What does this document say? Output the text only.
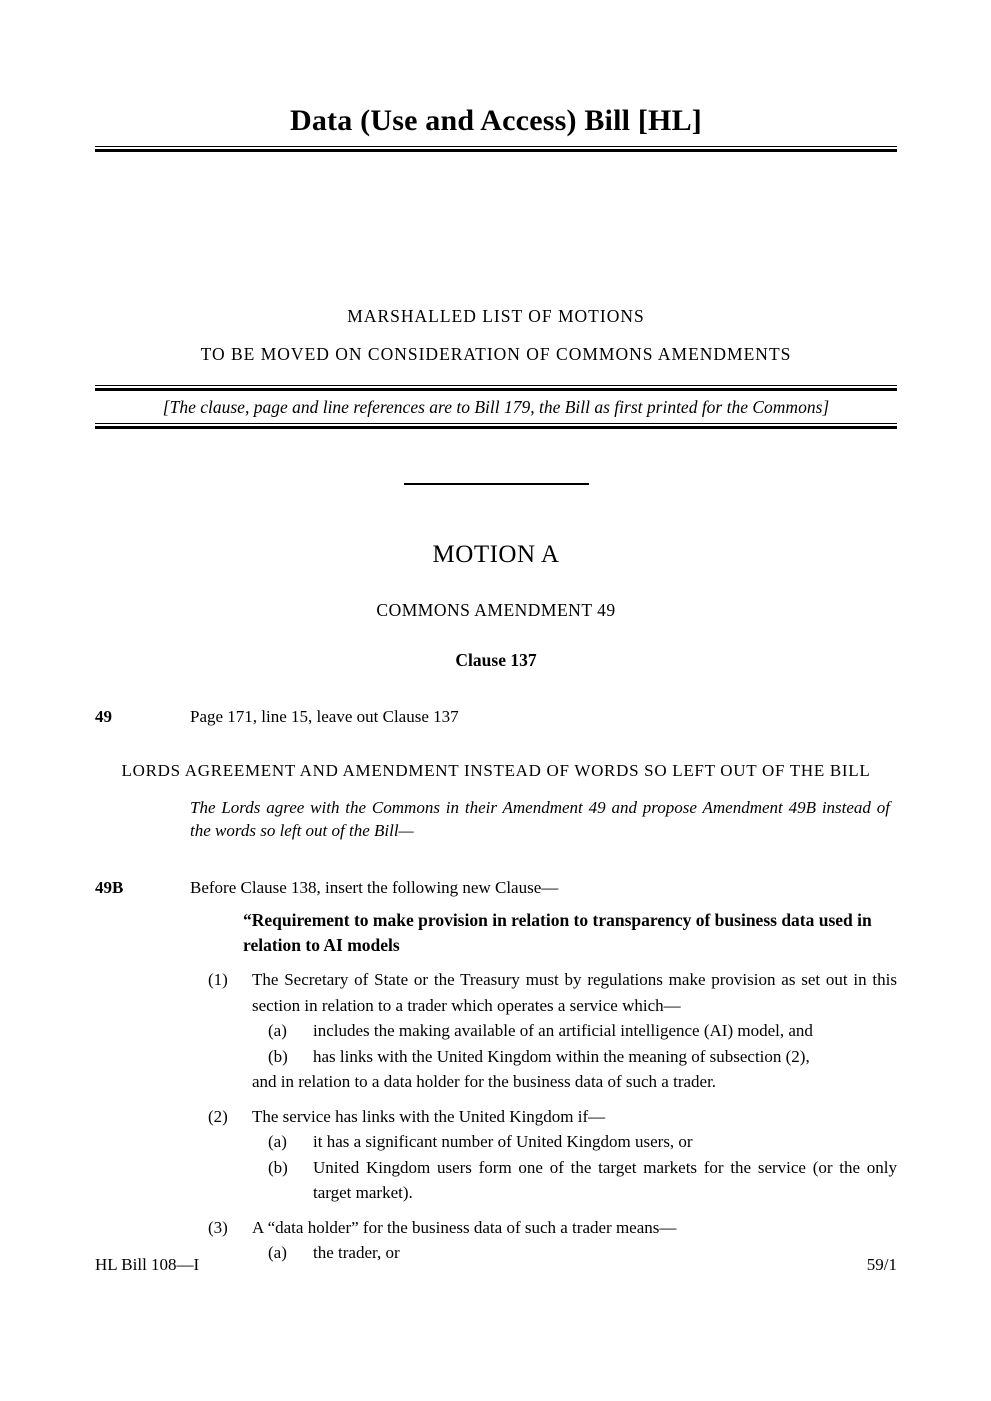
Data (Use and Access) Bill [HL]
MARSHALLED LIST OF MOTIONS
TO BE MOVED ON CONSIDERATION OF COMMONS AMENDMENTS
[The clause, page and line references are to Bill 179, the Bill as first printed for the Commons]
MOTION A
COMMONS AMENDMENT 49
Clause 137
49	Page 171, line 15, leave out Clause 137
LORDS AGREEMENT AND AMENDMENT INSTEAD OF WORDS SO LEFT OUT OF THE BILL
The Lords agree with the Commons in their Amendment 49 and propose Amendment 49B instead of the words so left out of the Bill—
49B	Before Clause 138, insert the following new Clause—
“Requirement to make provision in relation to transparency of business data used in relation to AI models
(1) The Secretary of State or the Treasury must by regulations make provision as set out in this section in relation to a trader which operates a service which—
(a) includes the making available of an artificial intelligence (AI) model, and
(b) has links with the United Kingdom within the meaning of subsection (2),
and in relation to a data holder for the business data of such a trader.
(2) The service has links with the United Kingdom if—
(a) it has a significant number of United Kingdom users, or
(b) United Kingdom users form one of the target markets for the service (or the only target market).
(3) A “data holder” for the business data of such a trader means—
(a) the trader, or
HL Bill 108—I	59/1
